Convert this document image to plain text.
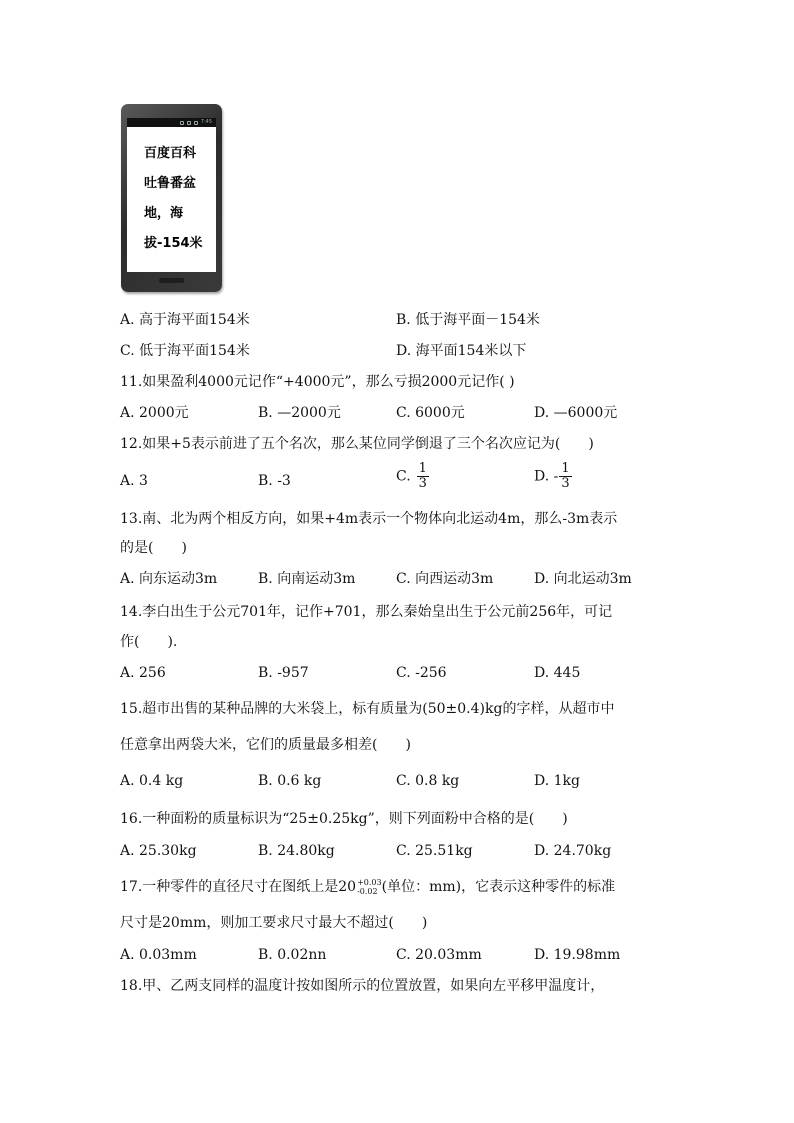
7:45
百度百科
吐鲁番盆
地，海
拔-154米
A. 高于海平面154米	B. 低于海平面－154米
C. 低于海平面154米	D. 海平面154米以下
11.如果盈利4000元记作“+4000元”，那么亏损2000元记作( )
A. 2000元	B. —2000元	C. 6000元	D. —6000元
12.如果+5表示前进了五个名次，那么某位同学倒退了三个名次应记为(　　)
A. 3	B. -3	C. $\frac{1}{3}$	D. - $\frac{1}{3}$
13.南、北为两个相反方向，如果+4m表示一个物体向北运动4m，那么-3m表示
的是(　　)
A. 向东运动3m	B. 向南运动3m	C. 向西运动3m	D. 向北运动3m
14.李白出生于公元701年，记作+701，那么秦始皇出生于公元前256年，可记
作(　　).
A. 256	B. -957	C. -256	D. 445
15.超市出售的某种品牌的大米袋上，标有质量为(50±0.4)kg的字样，从超市中
任意拿出两袋大米，它们的质量最多相差(　　)
A. 0.4 kg	B. 0.6 kg	C. 0.8 kg	D. 1kg
16.一种面粉的质量标识为“25±0.25kg”，则下列面粉中合格的是(　　)
A. 25.30kg	B. 24.80kg	C. 25.51kg	D. 24.70kg
17.一种零件的直径尺寸在图纸上是20 +0.03
-0.02 (单位：mm)，它表示这种零件的标准
尺寸是20mm，则加工要求尺寸最大不超过(　　)
A. 0.03mm	B. 0.02nn	C. 20.03mm	D. 19.98mm
18.甲、乙两支同样的温度计按如图所示的位置放置，如果向左平移甲温度计，
